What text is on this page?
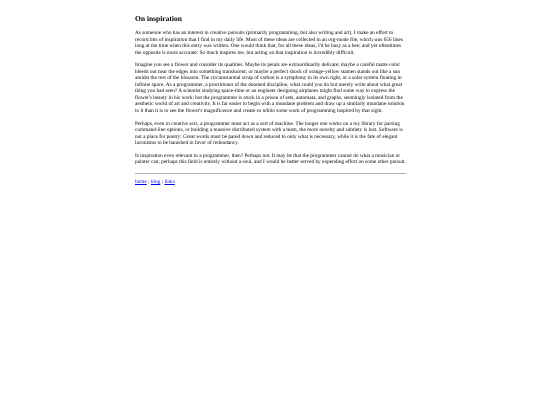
On inspiration

As someone who has an interest in creative pursuits (primarily programming, but also writing and art), I make an effort to record bits of inspiration that I find in my daily life. Most of these ideas are collected in an org-mode file, which was 656 lines long at the time when this entry was written. One would think that, for all these ideas, I'd be busy as a bee; and yet oftentimes the opposite is more accurate: So much inspires me, but acting on that inspiration is incredibly difficult.

Imagine you see a flower and consider its qualities. Maybe its petals are extraordinarily delicate; maybe a careful matte color bleeds out near the edges into something translucent; or maybe a perfect shock of orange-yellow stamen stands out like a sun amidst the rest of the blossom. The circumstantial scrap of carbon is a symphony in its own right, or a solar system floating in infinite space. As a programmer, a practitioner of the doomed discipline, what could you do but merely write about what great thing you had seen? A scientist studying space-time or an engineer designing airplanes might find some way to express the flower's beauty in his work; but the programmer is stuck in a prison of sets, automata, and graphs, seemingly isolated from the aesthetic world of art and creativity. It is far easier to begin with a mundane problem and draw up a similarly mundane solution to it than it is to see the flower's magnificence and create ex nihilo some work of programming inspired by that sight.

Perhaps, even in creative acts, a programmer must act as a sort of machine. The longer one works on a toy library for parsing command-line options, or building a massive distributed system with a team, the more novelty and subtlety is lost. Software is not a place for poetry: Great words must be pared down and reduced to only what is necessary, while it is the fate of elegant laconisms to be banished in favor of redundancy.

Is inspiration even relevant to a programmer, then? Perhaps not. It may be that the programmer cannot do what a musician or painter can; perhaps this field is entirely without a soul, and I would be better served by expending effort on some other pursuit.

home ; blog ; links
